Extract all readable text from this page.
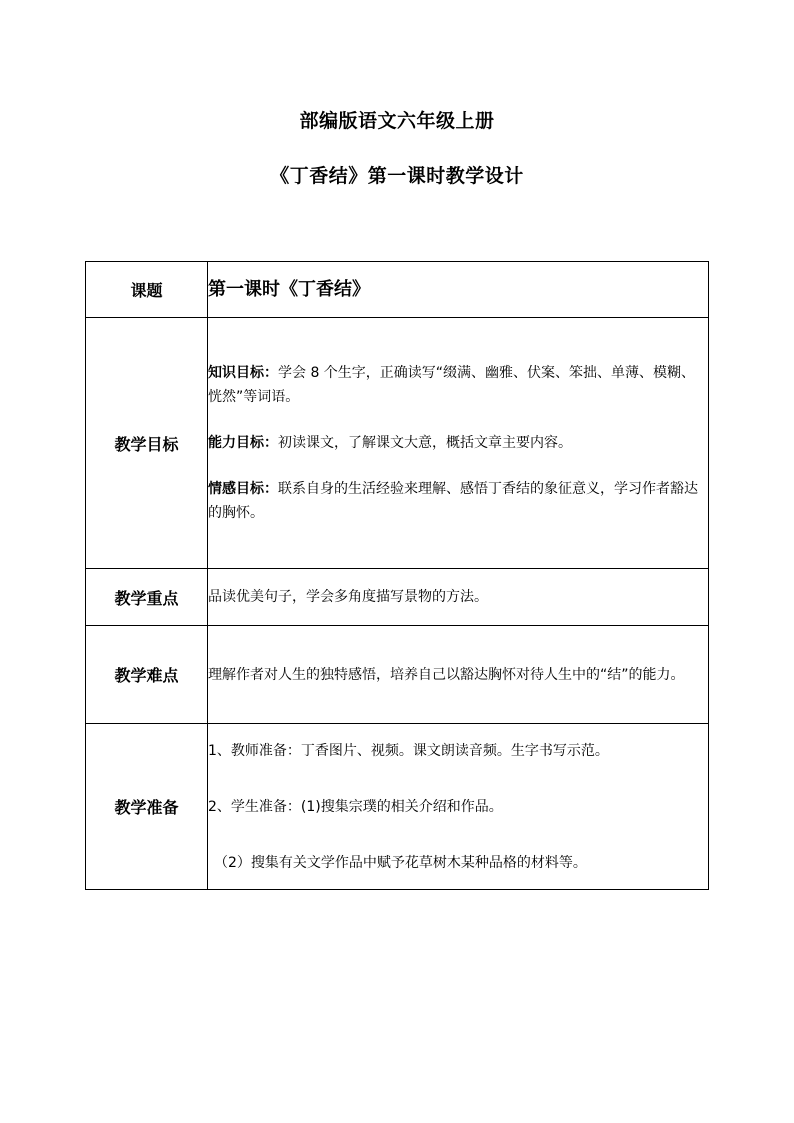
部编版语文六年级上册
《丁香结》第一课时教学设计
课题	第一课时《丁香结》
教学目标	知识目标：学会 8 个生字，正确读写“缀满、幽雅、伏案、笨拙、单薄、模糊、恍然”等词语。

能力目标：初读课文，了解课文大意，概括文章主要内容。

情感目标：联系自身的生活经验来理解、感悟丁香结的象征意义，学习作者豁达的胸怀。

教学重点	品读优美句子，学会多角度描写景物的方法。
教学难点	理解作者对人生的独特感悟，培养自己以豁达胸怀对待人生中的“结”的能力。
教学准备	1、教师准备：丁香图片、视频。课文朗读音频。生字书写示范。

2、学生准备：(1)搜集宗璞的相关介绍和作品。

（2）搜集有关文学作品中赋予花草树木某种品格的材料等。
